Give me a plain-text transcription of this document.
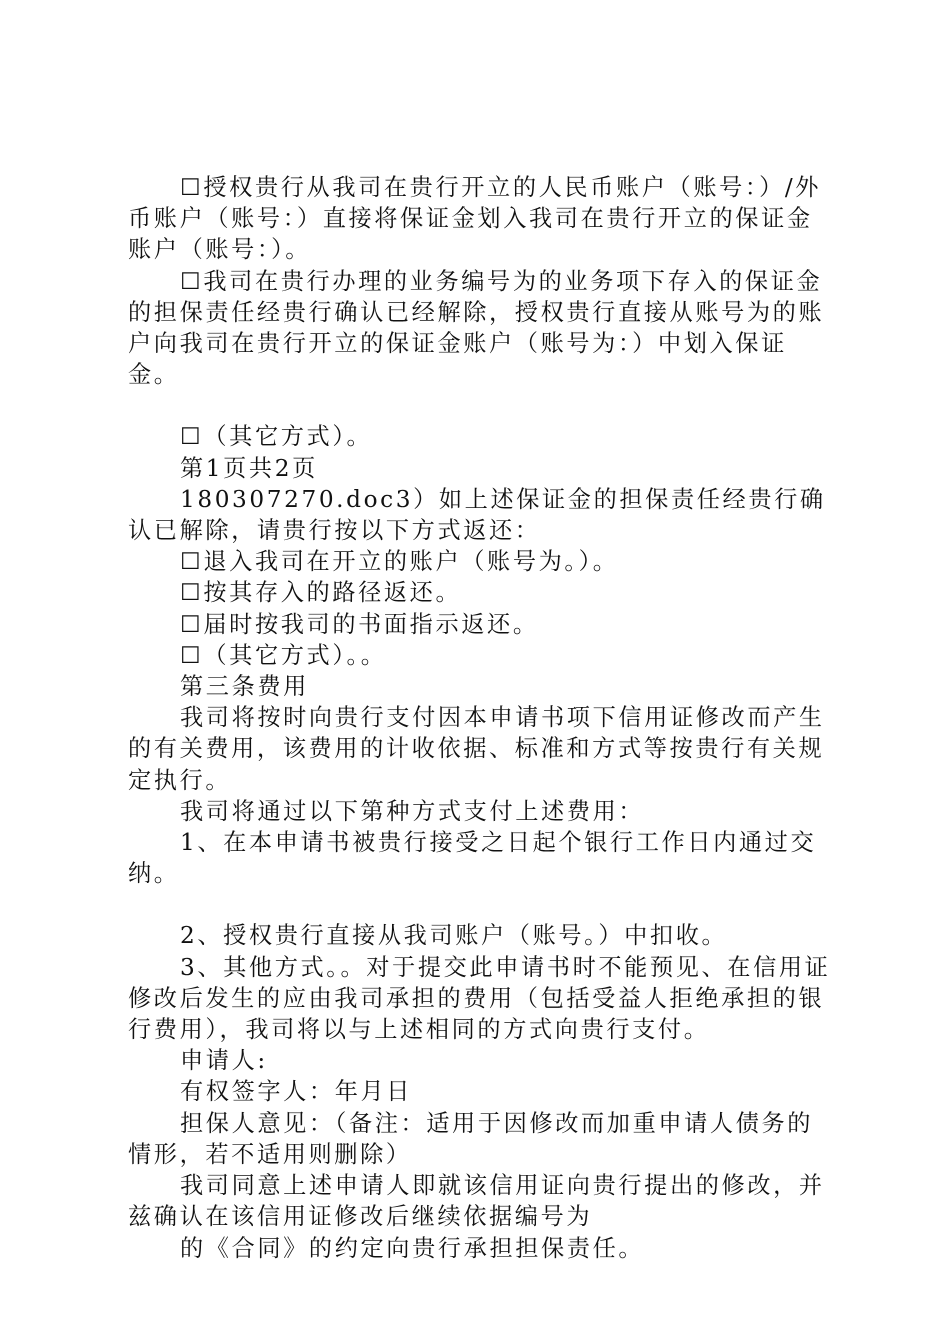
☐授权贵行从我司在贵行开立的人民币账户（账号：）/外币账户（账号：）直接将保证金划入我司在贵行开立的保证金账户（账号：）。

☐我司在贵行办理的业务编号为的业务项下存入的保证金的担保责任经贵行确认已经解除，授权贵行直接从账号为的账户向我司在贵行开立的保证金账户（账号为：）中划入保证金。

☐（其它方式）。

第1页共2页

180307270.doc3）如上述保证金的担保责任经贵行确认已解除，请贵行按以下方式返还：

☐退入我司在开立的账户（账号为。）。

☐按其存入的路径返还。

☐届时按我司的书面指示返还。

☐（其它方式）。。

第三条费用

我司将按时向贵行支付因本申请书项下信用证修改而产生的有关费用，该费用的计收依据、标准和方式等按贵行有关规定执行。

我司将通过以下第种方式支付上述费用：

1、在本申请书被贵行接受之日起个银行工作日内通过交纳。

2、授权贵行直接从我司账户（账号。）中扣收。

3、其他方式。。对于提交此申请书时不能预见、在信用证修改后发生的应由我司承担的费用（包括受益人拒绝承担的银行费用），我司将以与上述相同的方式向贵行支付。

申请人:

有权签字人：年月日

担保人意见：（备注：适用于因修改而加重申请人债务的情形，若不适用则删除）

我司同意上述申请人即就该信用证向贵行提出的修改，并兹确认在该信用证修改后继续依据编号为

的《合同》的约定向贵行承担担保责任。
